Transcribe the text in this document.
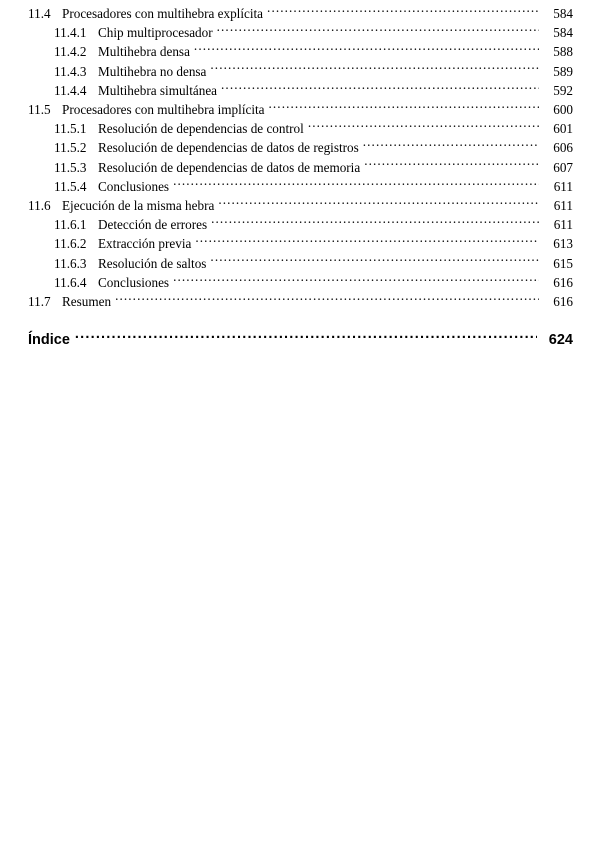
11.4 Procesadores con multihebra explícita .....	584
11.4.1 Chip multiprocesador .....	584
11.4.2 Multihebra densa .....	588
11.4.3 Multihebra no densa .....	589
11.4.4 Multihebra simultánea .....	592
11.5 Procesadores con multihebra implícita .....	600
11.5.1 Resolución de dependencias de control .....	601
11.5.2 Resolución de dependencias de datos de registros .....	606
11.5.3 Resolución de dependencias de datos de memoria .....	607
11.5.4 Conclusiones .....	611
11.6 Ejecución de la misma hebra .....	611
11.6.1 Detección de errores .....	611
11.6.2 Extracción previa .....	613
11.6.3 Resolución de saltos .....	615
11.6.4 Conclusiones .....	616
11.7 Resumen .....	616
Índice .....	624
